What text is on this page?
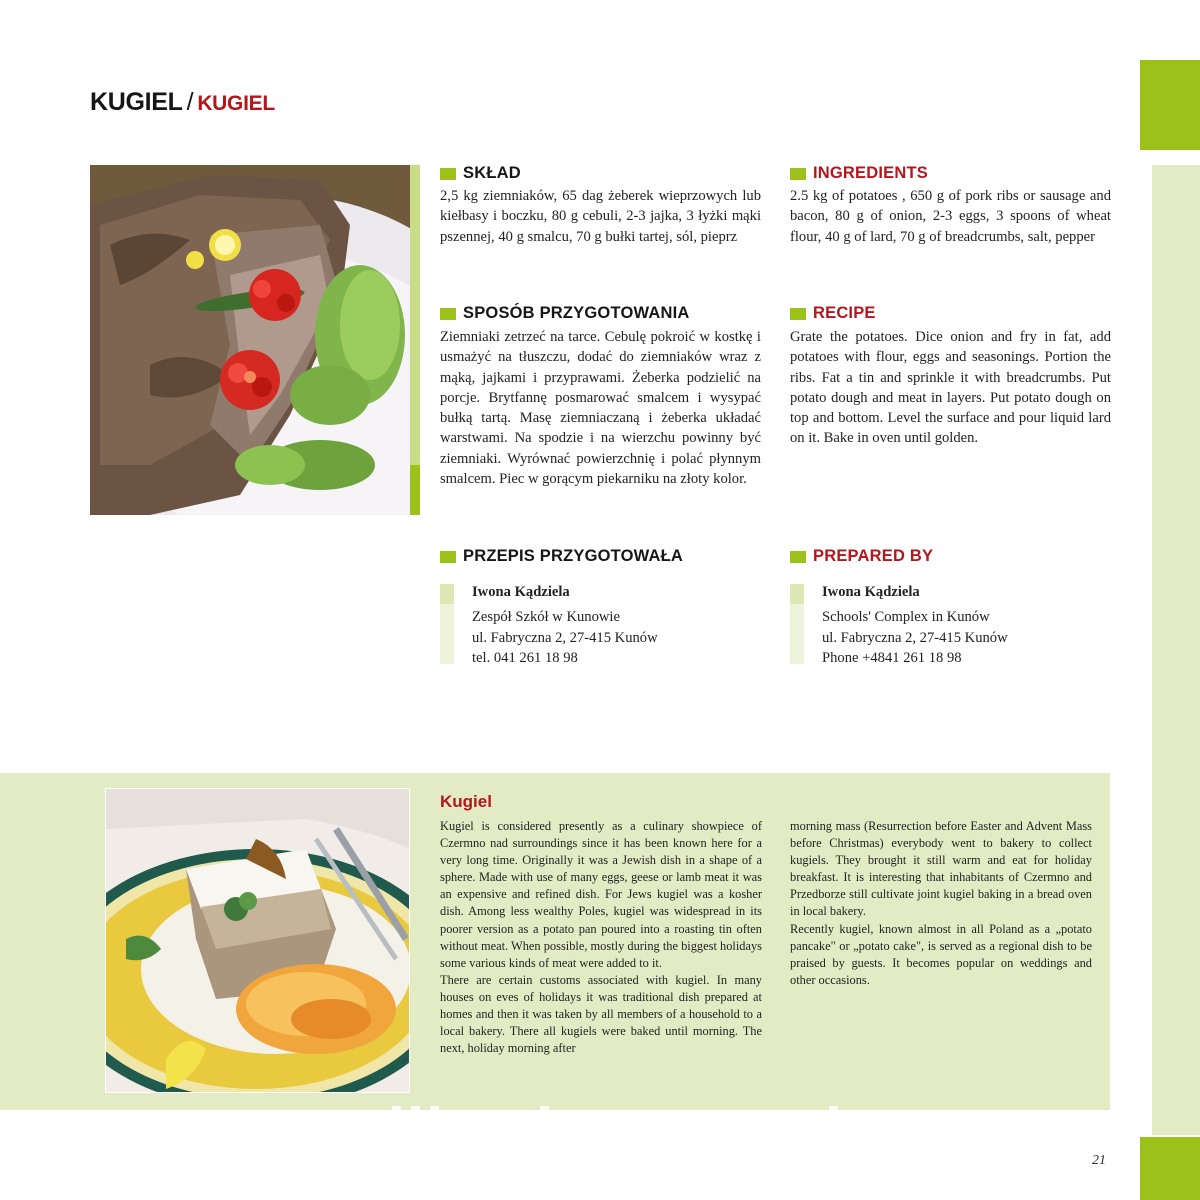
KUGIEL / KUGIEL
SKŁAD

2,5 kg ziemniaków, 65 dag żeberek wieprzowych lub kiełbasy i boczku, 80 g cebuli, 2-3 jajka, 3 łyżki mąki pszennej, 40 g smalcu, 70 g bułki tartej, sól, pieprz

INGREDIENTS

2.5 kg of potatoes , 650 g of pork ribs or sausage and bacon, 80 g of onion, 2-3 eggs, 3 spoons of wheat flour, 40 g of lard, 70 g of breadcrumbs, salt, pepper

SPOSÓB PRZYGOTOWANIA

Ziemniaki zetrzeć na tarce. Cebulę pokroić w kostkę i usmażyć na tłuszczu, dodać do ziemniaków wraz z mąką, jajkami i przyprawami. Żeberka podzielić na porcje. Brytfannę posmarować smalcem i wysypać bułką tartą. Masę ziemniaczaną i żeberka układać warstwami. Na spodzie i na wierzchu powinny być ziemniaki. Wyrównać powierzchnię i polać płynnym smalcem. Piec w gorącym piekarniku na złoty kolor.

RECIPE

Grate the potatoes. Dice onion and fry in fat, add potatoes with flour, eggs and seasonings. Portion the ribs. Fat a tin and sprinkle it with breadcrumbs. Put potato dough and meat in layers. Put potato dough on top and bottom. Level the surface and pour liquid lard on it. Bake in oven until golden.

PRZEPIS PRZYGOTOWAŁA
Iwona Kądziela
Zespół Szkół w Kunowie
ul. Fabryczna 2, 27-415 Kunów
tel. 041 261 18 98
PREPARED BY
Iwona Kądziela
Schools' Complex in Kunów
ul. Fabryczna 2, 27-415 Kunów
Phone +4841 261 18 98
Kugiel

Kugiel is considered presently as a culinary showpiece of Czermno nad surroundings since it has been known here for a very long time. Originally it was a Jewish dish in a shape of a sphere. Made with use of many eggs, geese or lamb meat it was an expensive and refined dish. For Jews kugiel was a kosher dish. Among less wealthy Poles, kugiel was widespread in its poorer version as a potato pan poured into a roasting tin often without meat. When possible, mostly during the biggest holidays some various kinds of meat were added to it.

There are certain customs associated with kugiel. In many houses on eves of holidays it was traditional dish prepared at homes and then it was taken by all members of a household to a local bakery. There all kugiels were baked until morning. The next, holiday morning after

morning mass (Resurrection before Easter and Advent Mass before Christmas) everybody went to bakery to collect kugiels. They brought it still warm and eat for holiday breakfast. It is interesting that inhabitants of Czermno and Przedborze still cultivate joint kugiel baking in a bread oven in local bakery.

Recently kugiel, known almost in all Poland as a „potato pancake" or „potato cake", is served as a regional dish to be praised by guests. It becomes popular on weddings and other occasions.

wedlinydomowe.pl
21
